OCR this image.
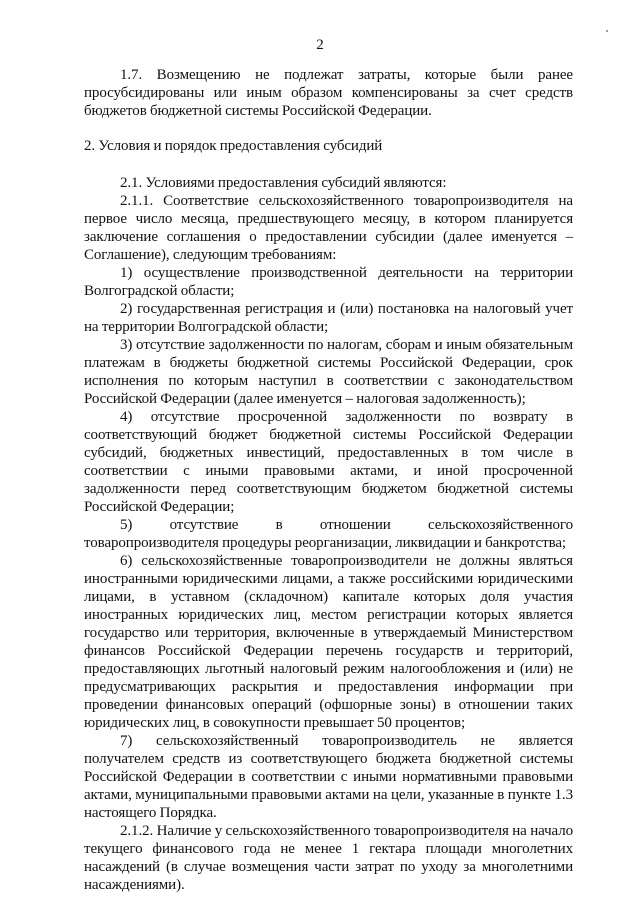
2

1.7. Возмещению не подлежат затраты, которые были ранее просубсидированы или иным образом компенсированы за счет средств бюджетов бюджетной системы Российской Федерации.

2. Условия и порядок предоставления субсидий

2.1. Условиями предоставления субсидий являются:

2.1.1. Соответствие сельскохозяйственного товаропроизводителя на первое число месяца, предшествующего месяцу, в котором планируется заключение соглашения о предоставлении субсидии (далее именуется – Соглашение), следующим требованиям:

1) осуществление производственной деятельности на территории Волгоградской области;

2) государственная регистрация и (или) постановка на налоговый учет на территории Волгоградской области;

3) отсутствие задолженности по налогам, сборам и иным обязательным платежам в бюджеты бюджетной системы Российской Федерации, срок исполнения по которым наступил в соответствии с законодательством Российской Федерации (далее именуется – налоговая задолженность);

4) отсутствие просроченной задолженности по возврату в соответствующий бюджет бюджетной системы Российской Федерации субсидий, бюджетных инвестиций, предоставленных в том числе в соответствии с иными правовыми актами, и иной просроченной задолженности перед соответствующим бюджетом бюджетной системы Российской Федерации;

5) отсутствие в отношении сельскохозяйственного товаропроизводителя процедуры реорганизации, ликвидации и банкротства;

6) сельскохозяйственные товаропроизводители не должны являться иностранными юридическими лицами, а также российскими юридическими лицами, в уставном (складочном) капитале которых доля участия иностранных юридических лиц, местом регистрации которых является государство или территория, включенные в утверждаемый Министерством финансов Российской Федерации перечень государств и территорий, предоставляющих льготный налоговый режим налогообложения и (или) не предусматривающих раскрытия и предоставления информации при проведении финансовых операций (офшорные зоны) в отношении таких юридических лиц, в совокупности превышает 50 процентов;

7) сельскохозяйственный товаропроизводитель не является получателем средств из соответствующего бюджета бюджетной системы Российской Федерации в соответствии с иными нормативными правовыми актами, муниципальными правовыми актами на цели, указанные в пункте 1.3 настоящего Порядка.

2.1.2. Наличие у сельскохозяйственного товаропроизводителя на начало текущего финансового года не менее 1 гектара площади многолетних насаждений (в случае возмещения части затрат по уходу за многолетними насаждениями).
